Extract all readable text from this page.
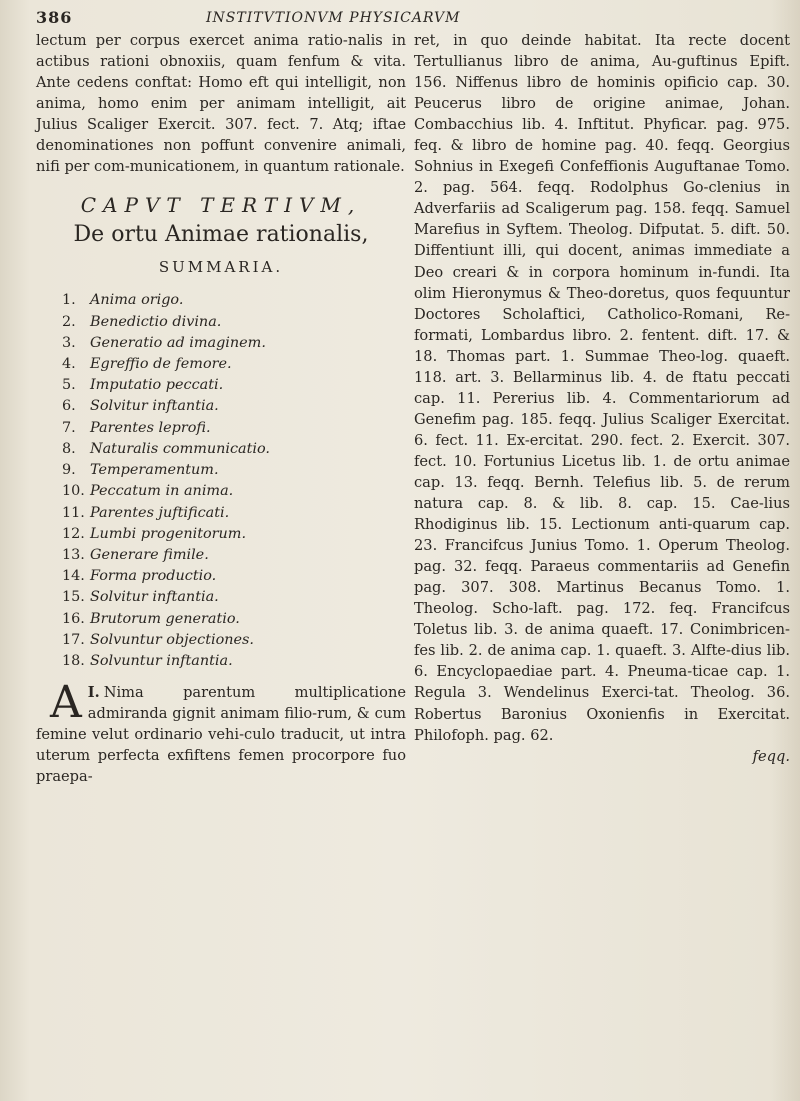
386	INSTITVTIONVM PHYSICARVM

lectum per corpus exercet anima ratio-nalis in actibus rationi obnoxiis, quam fenfum & vita. Ante cedens conftat: Homo eft qui intelligit, non anima, homo enim per animam intelligit, ait Julius Scaliger Exercit. 307. fect. 7. Atq; iftae denominationes non poffunt convenire animali, nifi per com-municationem, in quantum rationale.

CAPVT TERTIVM,
De ortu Animae rationalis,
SUMMARIA.
1. Anima origo.
2. Benedictio divina.
3. Generatio ad imaginem.
4. Egreffio de femore.
5. Imputatio peccati.
6. Solvitur inftantia.
7. Parentes leprofi.
8. Naturalis communicatio.
9. Temperamentum.
10. Peccatum in anima.
11. Parentes juftificati.
12. Lumbi progenitorum.
13. Generare fimile.
14. Forma productio.
15. Solvitur inftantia.
16. Brutorum generatio.
17. Solvuntur objectiones.
18. Solvuntur inftantia.

I.
A Nima parentum multiplicatione admiranda gignit animam filio-rum, & cum femine velut ordinario vehi-culo traducit, ut intra uterum perfecta exfiftens femen procorpore fuo praepa-

ret, in quo deinde habitat. Ita recte docent Tertullianus libro de anima, Au-guftinus Epift. 156. Niffenus libro de hominis opificio cap. 30. Peucerus libro de origine animae, Johan. Combacchius lib. 4. Inftitut. Phyficar. pag. 975. feq. & libro de homine pag. 40. feqq. Georgius Sohnius in Exegefi Confeffionis Auguftanae Tomo. 2. pag. 564. feqq. Rodolphus Go-clenius in Adverfariis ad Scaligerum pag. 158. feqq. Samuel Marefius in Syftem. Theolog. Difputat. 5. dift. 50. Diffentiunt illi, qui docent, animas immediate a Deo creari & in corpora hominum in-fundi. Ita olim Hieronymus & Theo-doretus, quos fequuntur Doctores Scholaftici, Catholico-Romani, Re-formati, Lombardus libro. 2. fentent. dift. 17. & 18. Thomas part. 1. Summae Theo-log. quaeft. 118. art. 3. Bellarminus lib. 4. de ftatu peccati cap. 11. Pererius lib. 4. Commentariorum ad Genefim pag. 185. feqq. Julius Scaliger Exercitat. 6. fect. 11. Ex-ercitat. 290. fect. 2. Exercit. 307. fect. 10. Fortunius Licetus lib. 1. de ortu animae cap. 13. feqq. Bernh. Telefius lib. 5. de rerum natura cap. 8. & lib. 8. cap. 15. Cae-lius Rhodiginus lib. 15. Lectionum anti-quarum cap. 23. Francifcus Junius Tomo. 1. Operum Theolog. pag. 32. feqq. Paraeus commentariis ad Genefin pag. 307. 308. Martinus Becanus Tomo. 1. Theolog. Scho-laft. pag. 172. feq. Francifcus Toletus lib. 3. de anima quaeft. 17. Conimbricen-fes lib. 2. de anima cap. 1. quaeft. 3. Alfte-dius lib. 6. Encyclopaediae part. 4. Pneuma-ticae cap. 1. Regula 3. Wendelinus Exerci-tat. Theolog. 36. Robertus Baronius Oxonienfis in Exercitat. Philofoph. pag. 62.

feqq.
